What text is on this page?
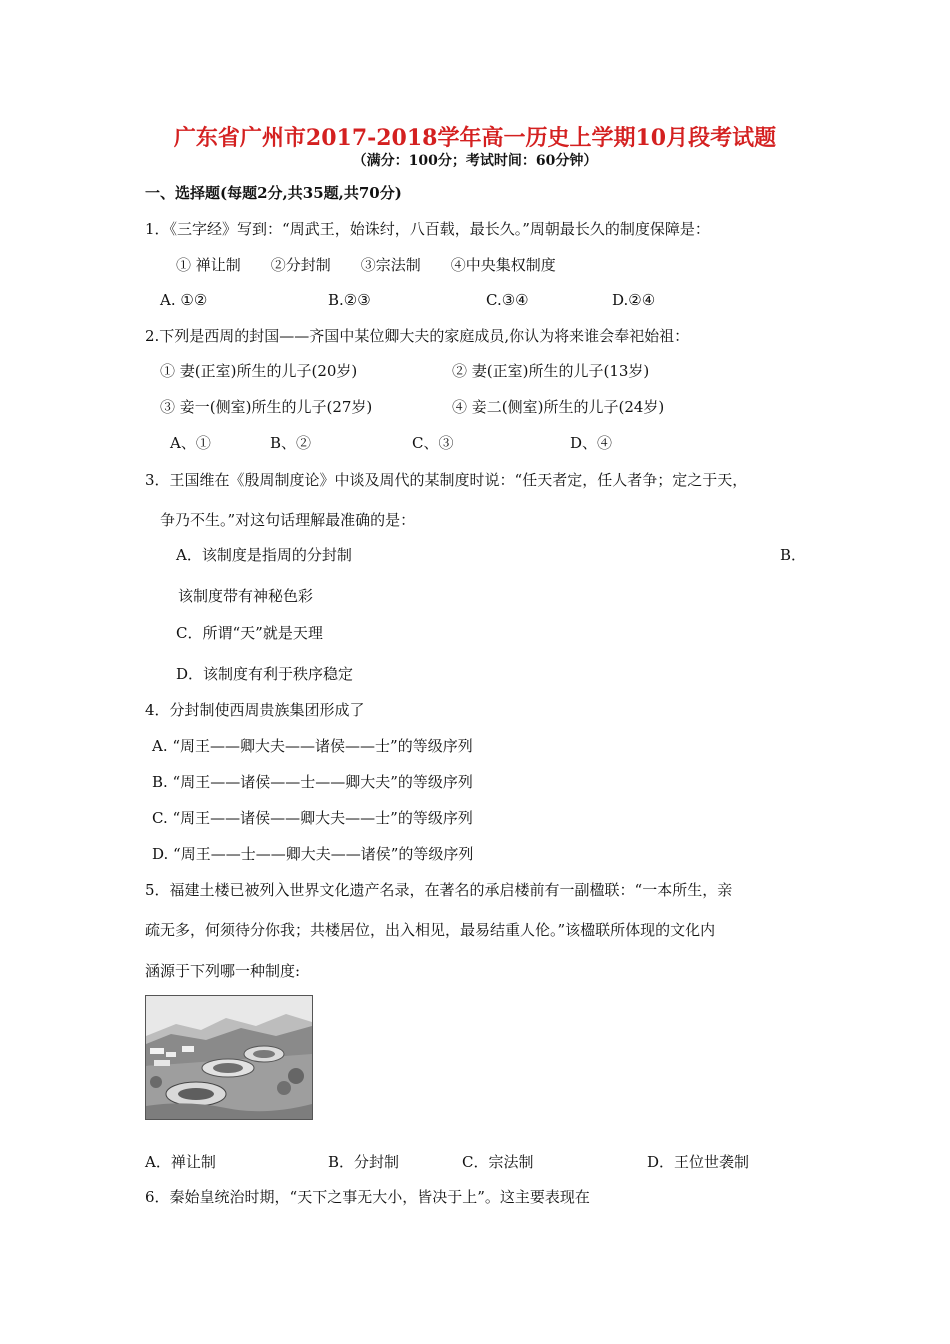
广东省广州市2017-2018学年高一历史上学期10月段考试题
（满分：100分；考试时间：60分钟）
一、选择题(每题2分,共35题,共70分)
1．《三字经》写到：“周武王，始诛纣，八百载，最长久。”周朝最长久的制度保障是：
① 禅让制　　②分封制　　③宗法制　　④中央集权制度
A. ①②	B.②③	C.③④	D.②④
2.下列是西周的封国——齐国中某位卿大夫的家庭成员,你认为将来谁会奉祀始祖：
① 妻(正室)所生的儿子(20岁)	② 妻(正室)所生的儿子(13岁)
③ 妾一(侧室)所生的儿子(27岁)	④ 妾二(侧室)所生的儿子(24岁)
A、①	B、②	C、③	D、④
3．王国维在《殷周制度论》中谈及周代的某制度时说：“任天者定，任人者争；定之于天，
争乃不生。”对这句话理解最准确的是：
A．该制度是指周的分封制	B．
该制度带有神秘色彩
C．所谓“天”就是天理
D．该制度有利于秩序稳定
4．分封制使西周贵族集团形成了
A. “周王——卿大夫——诸侯——士”的等级序列
B. “周王——诸侯——士——卿大夫”的等级序列
C. “周王——诸侯——卿大夫——士”的等级序列
D. “周王——士——卿大夫——诸侯”的等级序列
5．福建土楼已被列入世界文化遗产名录，在著名的承启楼前有一副楹联：“一本所生，亲
疏无多，何须待分你我；共楼居位，出入相见，最易结重人伦。”该楹联所体现的文化内
涵源于下列哪一种制度:
A．禅让制	B．分封制	C．宗法制	D．王位世袭制
6．秦始皇统治时期，“天下之事无大小，皆决于上”。这主要表现在
